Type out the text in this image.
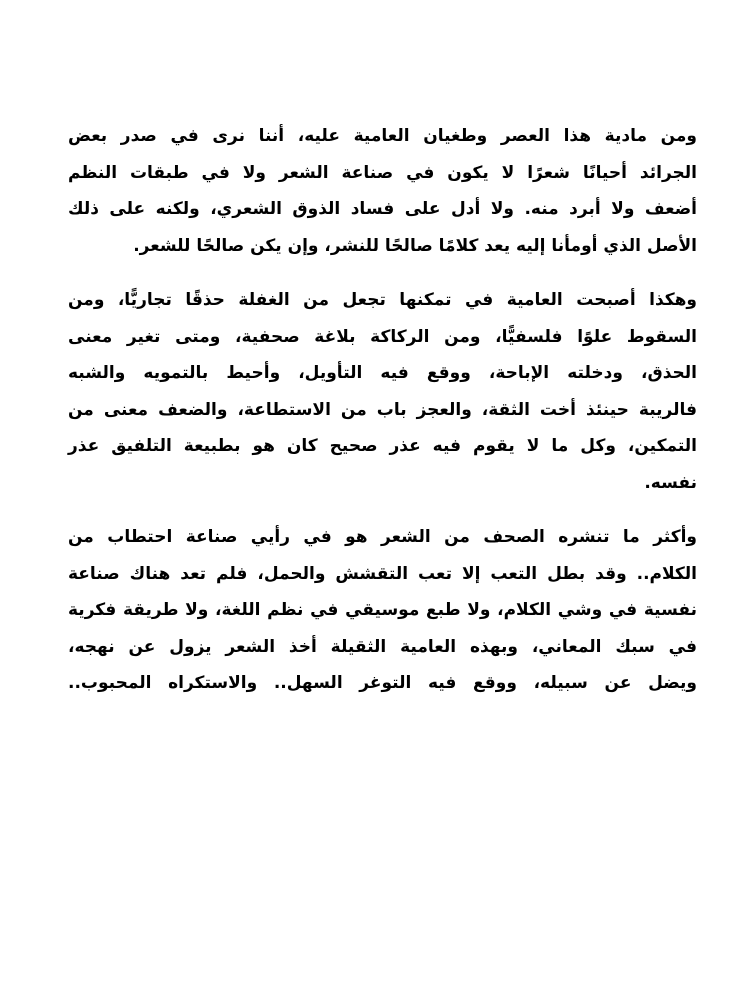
ومن مادية هذا العصر وطغيان العامية عليه، أننا نرى في صدر بعض
الجرائد أحيانًا شعرًا لا يكون في صناعة الشعر ولا في طبقات النظم
أضعف ولا أبرد منه. ولا أدل على فساد الذوق الشعري، ولكنه على ذلك
الأصل الذي أومأنا إليه يعد كلامًا صالحًا للنشر، وإن يكن صالحًا للشعر.
وهكذا أصبحت العامية في تمكنها تجعل من الغفلة حذقًا تجاريًّا، ومن
السقوط علوًا فلسفيًّا، ومن الركاكة بلاغة صحفية، ومتى تغير معنى
الحذق، ودخلته الإباحة، ووقع فيه التأويل، وأحيط بالتمويه والشبه
فالريبة حينئذ أخت الثقة، والعجز باب من الاستطاعة، والضعف معنى من
التمكين، وكل ما لا يقوم فيه عذر صحيح كان هو بطبيعة التلفيق عذر
نفسه.
وأكثر ما تنشره الصحف من الشعر هو في رأيي صناعة احتطاب من
الكلام.. وقد بطل التعب إلا تعب التقشش والحمل، فلم تعد هناك صناعة
نفسية في وشي الكلام، ولا طبع موسيقي في نظم اللغة، ولا طريقة فكرية
في سبك المعاني، وبهذه العامية الثقيلة أخذ الشعر يزول عن نهجه،
ويضل عن سبيله، ووقع فيه التوغر السهل.. والاستكراه المحبوب..
